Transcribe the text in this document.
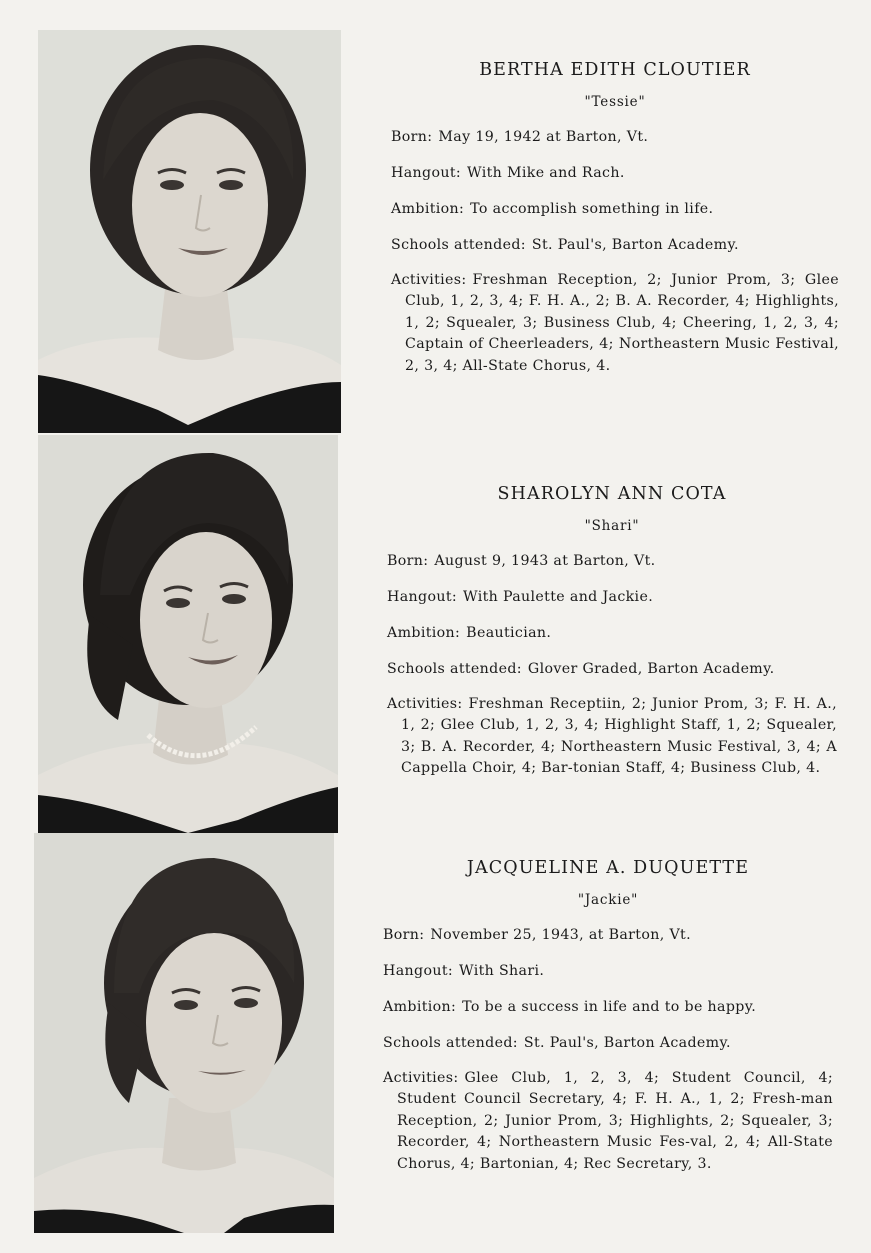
BERTHA EDITH CLOUTIER
"Tessie"
Born: May 19, 1942 at Barton, Vt.
Hangout: With Mike and Rach.
Ambition: To accomplish something in life.
Schools attended: St. Paul's, Barton Academy.
Activities: Freshman Reception, 2; Junior Prom, 3; Glee Club, 1, 2, 3, 4; F. H. A., 2; B. A. Recorder, 4; Highlights, 1, 2; Squealer, 3; Business Club, 4; Cheering, 1, 2, 3, 4; Captain of Cheerleaders, 4; Northeastern Music Festival, 2, 3, 4; All-State Chorus, 4.
SHAROLYN ANN COTA
"Shari"
Born: August 9, 1943 at Barton, Vt.
Hangout: With Paulette and Jackie.
Ambition: Beautician.
Schools attended: Glover Graded, Barton Academy.
Activities: Freshman Receptiin, 2; Junior Prom, 3; F. H. A., 1, 2; Glee Club, 1, 2, 3, 4; Highlight Staff, 1, 2; Squealer, 3; B. A. Recorder, 4; Northeastern Music Festival, 3, 4; A Cappella Choir, 4; Bar-tonian Staff, 4; Business Club, 4.
JACQUELINE A. DUQUETTE
"Jackie"
Born: November 25, 1943, at Barton, Vt.
Hangout: With Shari.
Ambition: To be a success in life and to be happy.
Schools attended: St. Paul's, Barton Academy.
Activities: Glee Club, 1, 2, 3, 4; Student Council, 4; Student Council Secretary, 4; F. H. A., 1, 2; Fresh-man Reception, 2; Junior Prom, 3; Highlights, 2; Squealer, 3; Recorder, 4; Northeastern Music Fes-val, 2, 4; All-State Chorus, 4; Bartonian, 4; Rec Secretary, 3.
